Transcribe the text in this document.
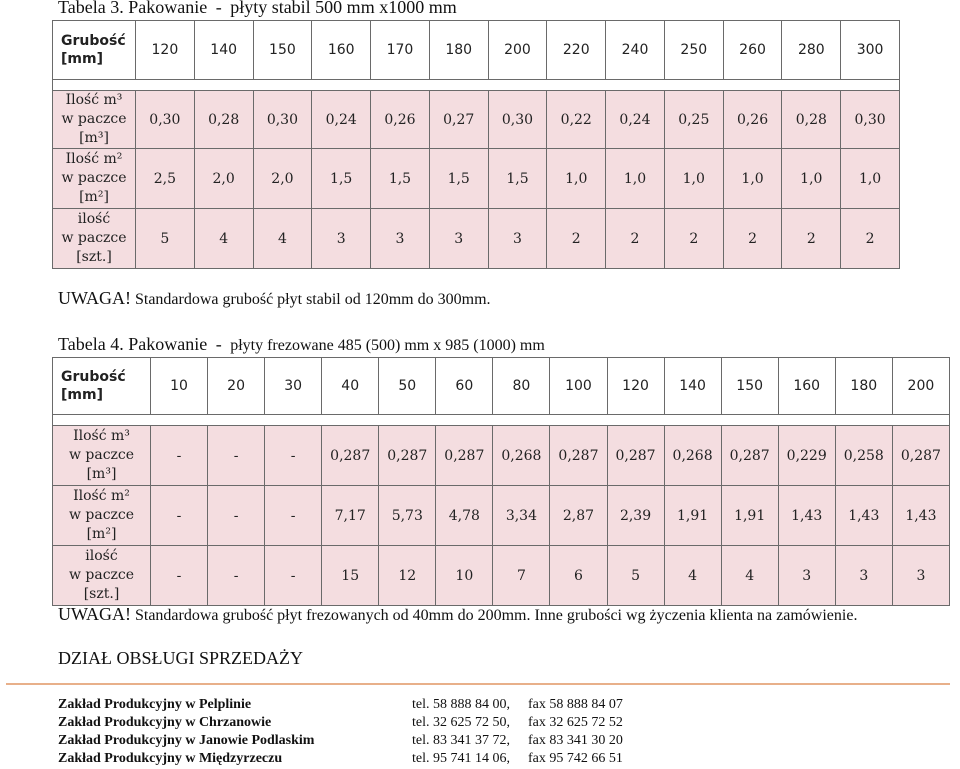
Tabela 3. Pakowanie - płyty stabil 500 mm x1000 mm
Grubość
[mm]	120	140	150	160	170	180	200	220	240	250	260	280	300

Ilość m³
w paczce
[m³]	0,30	0,28	0,30	0,24	0,26	0,27	0,30	0,22	0,24	0,25	0,26	0,28	0,30

Ilość m²
w paczce
[m²]	2,5	2,0	2,0	1,5	1,5	1,5	1,5	1,0	1,0	1,0	1,0	1,0	1,0

ilość
w paczce
[szt.]	5	4	4	3	3	3	3	2	2	2	2	2	2
UWAGA! Standardowa grubość płyt stabil od 120mm do 300mm.
Tabela 4. Pakowanie - płyty frezowane 485 (500) mm x 985 (1000) mm
Grubość
[mm]	10	20	30	40	50	60	80	100	120	140	150	160	180	200

Ilość m³
w paczce
[m³]	-	-	-	0,287	0,287	0,287	0,268	0,287	0,287	0,268	0,287	0,229	0,258	0,287

Ilość m²
w paczce
[m²]	-	-	-	7,17	5,73	4,78	3,34	2,87	2,39	1,91	1,91	1,43	1,43	1,43

ilość
w paczce
[szt.]	-	-	-	15	12	10	7	6	5	4	4	3	3	3
UWAGA! Standardowa grubość płyt frezowanych od 40mm do 200mm. Inne grubości wg życzenia klienta na zamówienie.
DZIAŁ OBSŁUGI SPRZEDAŻY
Zakład Produkcyjny w Pelplinie	tel. 58 888 84 00, fax 58 888 84 07
Zakład Produkcyjny w Chrzanowie	tel. 32 625 72 50, fax 32 625 72 52
Zakład Produkcyjny w Janowie Podlaskim	tel. 83 341 37 72, fax 83 341 30 20
Zakład Produkcyjny w Międzyrzeczu	tel. 95 741 14 06, fax 95 742 66 51
